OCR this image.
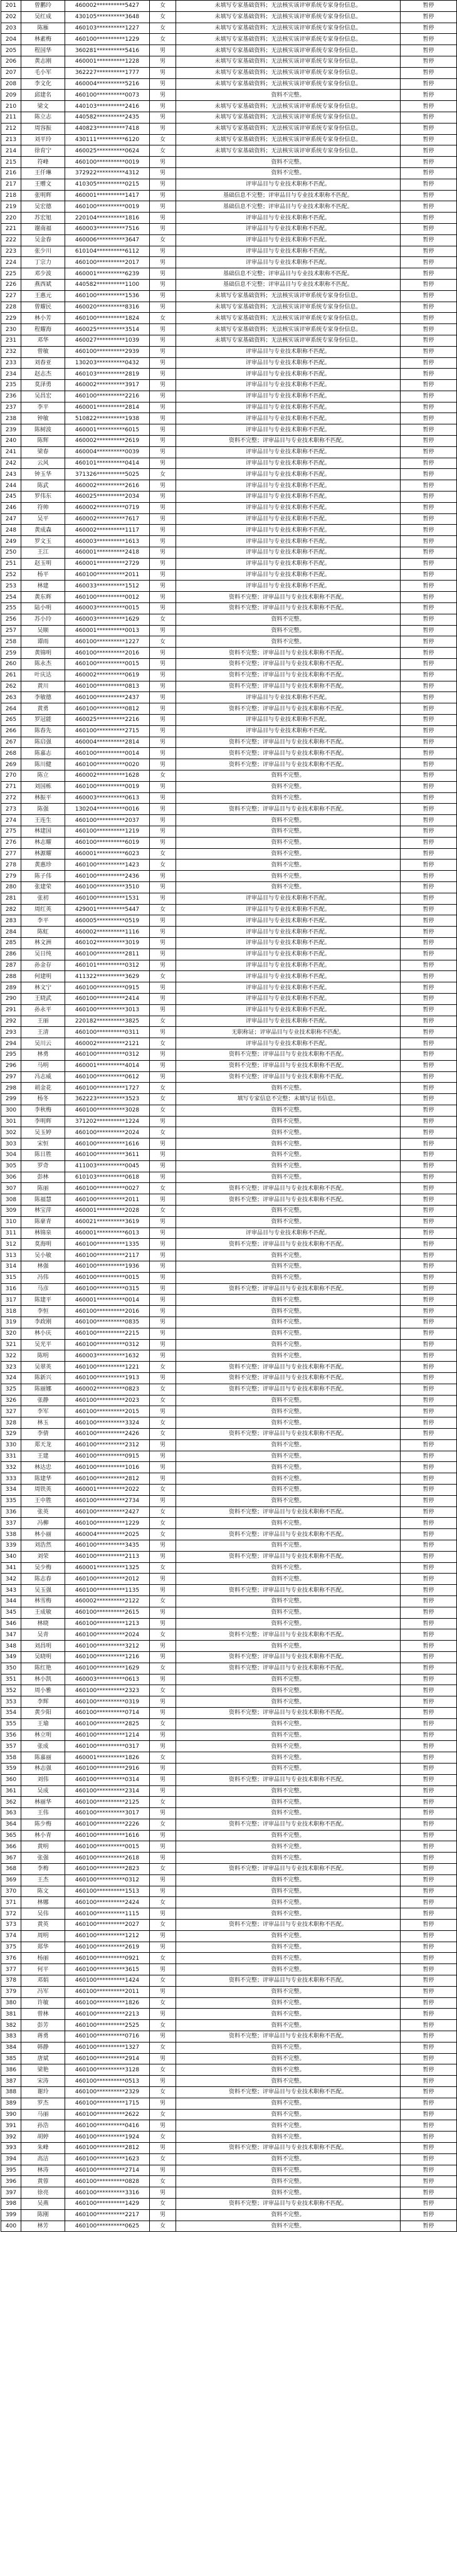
201	曾鹏玲	460002**********5427	女	未填写专家基础资料；无法核实该评审系统专家身份信息。	暂停
202	吴红成	430105**********3648	女	未填写专家基础资料；无法核实该评审系统专家身份信息。	暂停
203	陈雁	460103**********1227	女	未填写专家基础资料；无法核实该评审系统专家身份信息。	暂停
204	林素梅	460100**********1229	女	未填写专家基础资料；无法核实该评审系统专家身份信息。	暂停
205	程国华	360281**********5416	男	未填写专家基础资料；无法核实该评审系统专家身份信息。	暂停
206	黄志刚	460001**********1228	男	未填写专家基础资料；无法核实该评审系统专家身份信息。	暂停
207	毛小军	362227**********1777	男	未填写专家基础资料；无法核实该评审系统专家身份信息。	暂停
208	李文化	460004**********5216	男	未填写专家基础资料；无法核实该评审系统专家身份信息。	暂停
209	邱建名	460100**********0073	男	资料不完整。	暂停
210	梁文	440103**********2416	男	未填写专家基础资料；无法核实该评审系统专家身份信息。	暂停
211	陈立志	440582**********2435	男	未填写专家基础资料；无法核实该评审系统专家身份信息。	暂停
212	周容振	440823**********7418	男	未填写专家基础资料；无法核实该评审系统专家身份信息。	暂停
213	刘平玲	430111**********6120	女	未填写专家基础资料；无法核实该评审系统专家身份信息。	暂停
214	徐育宁	460025**********0624	女	未填写专家基础资料；无法核实该评审系统专家身份信息。	暂停
215	符峰	460100**********0019	男	资料不完整。	暂停
216	王仟琳	372922**********4312	男	资料不完整。	暂停
217	王赠文	410305**********0215	男	评审品目与专业技术职称不匹配。	暂停
218	张明辉	460001**********1417	男	基础信息不完整；评审品目与专业技术职称不匹配。	暂停
219	吴宏德	460100**********0019	男	基础信息不完整；评审品目与专业技术职称不匹配。	暂停
220	苏宏旭	220104**********1816	男	评审品目与专业技术职称不匹配。	暂停
221	谢南福	460003**********7516	男	评审品目与专业技术职称不匹配。	暂停
222	吴金春	460006**********3647	女	评审品目与专业技术职称不匹配。	暂停
223	张少川	610104**********6112	男	评审品目与专业技术职称不匹配。	暂停
224	丁宗力	460100**********2017	男	评审品目与专业技术职称不匹配。	暂停
225	邓少波	460001**********6239	男	基础信息不完整；评审品目与专业技术职称不匹配。	暂停
226	燕西斌	440582**********1100	男	基础信息不完整；评审品目与专业技术职称不匹配。	暂停
227	王惠元	460100**********1536	男	未填写专家基础资料；无法核实该评审系统专家身份信息。	暂停
228	曾耀民	460020**********8316	男	未填写专家基础资料；无法核实该评审系统专家身份信息。	暂停
229	林小芳	460100**********1824	女	未填写专家基础资料；无法核实该评审系统专家身份信息。	暂停
230	程耀海	460025**********3514	男	未填写专家基础资料；无法核实该评审系统专家身份信息。	暂停
231	邓华	460027**********1039	男	未填写专家基础资料；无法核实该评审系统专家身份信息。	暂停
232	曾敏	460100**********2939	男	评审品目与专业技术职称不匹配。	暂停
233	刘春亚	130203**********0432	男	评审品目与专业技术职称不匹配。	暂停
234	赵志杰	460103**********2819	男	评审品目与专业技术职称不匹配。	暂停
235	莫泽勇	460002**********3917	男	评审品目与专业技术职称不匹配。	暂停
236	吴昌宏	460100**********2216	男	评审品目与专业技术职称不匹配。	暂停
237	李平	460001**********2814	男	评审品目与专业技术职称不匹配。	暂停
238	钟敏	510822**********1938	男	评审品目与专业技术职称不匹配。	暂停
239	陈树波	460001**********6015	男	评审品目与专业技术职称不匹配。	暂停
240	陈辉	460002**********2619	男	资料不完整；评审品目与专业技术职称不匹配。	暂停
241	梁春	460004**********0039	男	评审品目与专业技术职称不匹配。	暂停
242	云风	460101**********0414	男	评审品目与专业技术职称不匹配。	暂停
243	钟玉华	371326**********5025	女	评审品目与专业技术职称不匹配。	暂停
244	陈武	460002**********2616	男	评审品目与专业技术职称不匹配。	暂停
245	罗伟东	460025**********2034	男	评审品目与专业技术职称不匹配。	暂停
246	符帅	460002**********0719	男	评审品目与专业技术职称不匹配。	暂停
247	吴平	460002**********7617	男	评审品目与专业技术职称不匹配。	暂停
248	黄成森	460002**********1117	男	评审品目与专业技术职称不匹配。	暂停
249	罗文玉	460003**********1613	男	评审品目与专业技术职称不匹配。	暂停
250	王江	460001**********2418	男	评审品目与专业技术职称不匹配。	暂停
251	赵玉明	460001**********2729	男	评审品目与专业技术职称不匹配。	暂停
252	杨平	460100**********2011	男	评审品目与专业技术职称不匹配。	暂停
253	林建	460033**********1512	男	评审品目与专业技术职称不匹配。	暂停
254	黄东辉	460100**********0012	男	资料不完整；评审品目与专业技术职称不匹配。	暂停
255	陆小明	460003**********0015	男	资料不完整；评审品目与专业技术职称不匹配。	暂停
256	苏小玲	460003**********1629	女	资料不完整。	暂停
257	吴顺	460001**********0013	男	资料不完整。	暂停
258	谭雨	460100**********1227	女	资料不完整。	暂停
259	黄锦明	460100**********2016	男	资料不完整；评审品目与专业技术职称不匹配。	暂停
260	陈永杰	460100**********0015	男	资料不完整；评审品目与专业技术职称不匹配。	暂停
261	叶庆达	460002**********0619	男	资料不完整；评审品目与专业技术职称不匹配。	暂停
262	黄川	460100**********0813	男	资料不完整；评审品目与专业技术职称不匹配。	暂停
263	李敏德	460100**********2437	男	评审品目与专业技术职称不匹配。	暂停
264	黄勇	460100**********0812	男	资料不完整；评审品目与专业技术职称不匹配。	暂停
265	罗冠能	460025**********2216	男	评审品目与专业技术职称不匹配。	暂停
266	陈春先	460100**********2715	男	评审品目与专业技术职称不匹配。	暂停
267	陈启强	460004**********2814	男	资料不完整；评审品目与专业技术职称不匹配。	暂停
268	陈嘉志	460100**********0014	男	资料不完整；评审品目与专业技术职称不匹配。	暂停
269	陈川健	460100**********0020	男	资料不完整；评审品目与专业技术职称不匹配。	暂停
270	陈立	460002**********1628	女	资料不完整。	暂停
271	刘国栋	460100**********0019	男	资料不完整。	暂停
272	林振平	460003**********0613	男	资料不完整。	暂停
273	陈强	130204**********0016	男	资料不完整；评审品目与专业技术职称不匹配。	暂停
274	王连生	460100**********2037	男	资料不完整。	暂停
275	林建国	460100**********1219	男	资料不完整。	暂停
276	林志耀	460100**********6019	男	资料不完整。	暂停
277	林源耀	460001**********6023	女	资料不完整。	暂停
278	黄惠珍	460100**********1423	女	资料不完整。	暂停
279	陈子伟	460100**********2436	男	资料不完整。	暂停
280	张建荣	460100**********3510	男	资料不完整。	暂停
281	张初	460100**********1531	男	评审品目与专业技术职称不匹配。	暂停
282	周红英	429001**********5447	女	评审品目与专业技术职称不匹配。	暂停
283	李平	460005**********0519	男	评审品目与专业技术职称不匹配。	暂停
284	陈虹	460002**********1116	男	评审品目与专业技术职称不匹配。	暂停
285	林文洲	460102**********3019	男	评审品目与专业技术职称不匹配。	暂停
286	吴日纯	460100**********2811	男	评审品目与专业技术职称不匹配。	暂停
287	孙金存	460101**********0312	男	评审品目与专业技术职称不匹配。	暂停
288	何建明	411322**********3629	女	评审品目与专业技术职称不匹配。	暂停
289	林文宁	460100**********0915	男	评审品目与专业技术职称不匹配。	暂停
290	王晓武	460100**********2414	男	评审品目与专业技术职称不匹配。	暂停
291	孙永平	460100**********3013	男	评审品目与专业技术职称不匹配。	暂停
292	王丽	220182**********3825	女	评审品目与专业技术职称不匹配。	暂停
293	王清	460100**********0311	男	无职称证；评审品目与专业技术职称不匹配。	暂停
294	吴川云	460002**********2121	女	评审品目与专业技术职称不匹配。	暂停
295	林勇	460100**********0312	男	资料不完整；评审品目与专业技术职称不匹配。	暂停
296	马明	460001**********4014	男	资料不完整；评审品目与专业技术职称不匹配。	暂停
297	冯志威	460100**********0612	男	资料不完整；评审品目与专业技术职称不匹配。	暂停
298	胡金花	460100**********1727	女	资料不完整。	暂停
299	杨冬	362223**********3523	女	填写专家信息不完整；未填写证书信息。	暂停
300	李秋梅	460100**********3028	女	资料不完整。	暂停
301	李明辉	371202**********1224	男	资料不完整。	暂停
302	吴玉婷	460100**********2024	女	资料不完整。	暂停
303	宋恒	460100**********1616	男	资料不完整。	暂停
304	陈日胜	460100**********3611	男	资料不完整。	暂停
305	罗奇	411003**********0045	男	资料不完整。	暂停
306	彭林	610103**********0618	男	资料不完整。	暂停
307	陈丽	460100**********0027	女	资料不完整；评审品目与专业技术职称不匹配。	暂停
308	陈福慧	460100**********2011	男	资料不完整；评审品目与专业技术职称不匹配。	暂停
309	林宝萍	460001**********2028	女	资料不完整。	暂停
310	陈豪青	460021**********3619	男	资料不完整。	暂停
311	林锦泉	460001**********6013	男	评审品目与专业技术职称不匹配。	暂停
312	莫海明	460100**********1335	男	资料不完整；评审品目与专业技术职称不匹配。	暂停
313	吴小敏	460100**********2117	男	资料不完整。	暂停
314	林强	460100**********1936	男	资料不完整。	暂停
315	冯伟	460100**********0015	男	资料不完整。	暂停
316	马彦	460100**********0315	男	资料不完整；评审品目与专业技术职称不匹配。	暂停
317	陈建平	460001**********0014	男	资料不完整。	暂停
318	李恒	460100**********2016	男	资料不完整。	暂停
319	李政刚	460100**********0835	男	资料不完整。	暂停
320	林小庆	460100**********2215	男	资料不完整。	暂停
321	吴光平	460100**********0312	男	资料不完整。	暂停
322	陈明	460003**********1632	男	资料不完整。	暂停
323	吴翠英	460100**********1221	女	资料不完整；评审品目与专业技术职称不匹配。	暂停
324	陈新兴	460100**********1913	男	资料不完整；评审品目与专业技术职称不匹配。	暂停
325	陈丽娜	460002**********0823	女	资料不完整；评审品目与专业技术职称不匹配。	暂停
326	张静	460100**********2023	女	资料不完整。	暂停
327	李军	460100**********2015	男	资料不完整。	暂停
328	林玉	460100**********3324	女	资料不完整。	暂停
329	李倩	460100**********2426	女	资料不完整；评审品目与专业技术职称不匹配。	暂停
330	郑天龙	460100**********2312	男	资料不完整。	暂停
331	王建	460100**********0915	男	资料不完整。	暂停
332	林达忠	460100**********1016	男	资料不完整。	暂停
333	陈建华	460100**********2812	男	资料不完整。	暂停
334	周铁英	460001**********2022	女	资料不完整。	暂停
335	王中胜	460100**********2734	男	资料不完整。	暂停
336	张英	460100**********2427	女	资料不完整；评审品目与专业技术职称不匹配。	暂停
337	冯柳	460100**********1229	女	资料不完整。	暂停
338	林小丽	460004**********2025	女	资料不完整；评审品目与专业技术职称不匹配。	暂停
339	刘浩然	460100**********3435	男	资料不完整。	暂停
340	刘荣	460100**********2113	男	资料不完整；评审品目与专业技术职称不匹配。	暂停
341	吴少梅	460001**********1325	女	资料不完整。	暂停
342	陈志春	460100**********2012	男	资料不完整。	暂停
343	吴玉强	460100**********1135	男	资料不完整；评审品目与专业技术职称不匹配。	暂停
344	林雪梅	460002**********2122	女	资料不完整。	暂停
345	王成敏	460100**********2615	男	资料不完整。	暂停
346	林晓	460100**********1213	男	资料不完整。	暂停
347	吴青	460100**********2024	女	资料不完整；评审品目与专业技术职称不匹配。	暂停
348	刘昌明	460100**********3212	男	资料不完整。	暂停
349	吴晓明	460100**********1216	男	资料不完整；评审品目与专业技术职称不匹配。	暂停
350	陈红艳	460100**********1629	女	资料不完整；评审品目与专业技术职称不匹配。	暂停
351	林小凯	460003**********0613	男	资料不完整。	暂停
352	周小雅	460100**********2323	女	资料不完整。	暂停
353	李辉	460100**********0319	男	资料不完整。	暂停
354	黄少阳	460100**********0714	男	资料不完整；评审品目与专业技术职称不匹配。	暂停
355	王瑜	460100**********2825	女	资料不完整。	暂停
356	林立明	460100**********1214	男	资料不完整。	暂停
357	张成	460100**********0317	男	资料不完整。	暂停
358	陈嘉丽	460001**********1826	女	资料不完整。	暂停
359	林志强	460100**********2916	男	资料不完整。	暂停
360	刘伟	460100**********0314	男	资料不完整；评审品目与专业技术职称不匹配。	暂停
361	吴成	460100**********2314	男	资料不完整。	暂停
362	林丽华	460100**********2125	女	资料不完整。	暂停
363	王伟	460100**********3017	男	资料不完整。	暂停
364	陈少梅	460100**********2226	女	资料不完整；评审品目与专业技术职称不匹配。	暂停
365	林小青	460100**********1616	男	资料不完整。	暂停
366	黄明	460100**********0015	男	资料不完整。	暂停
367	张强	460100**********2618	男	资料不完整。	暂停
368	李梅	460100**********2823	女	资料不完整；评审品目与专业技术职称不匹配。	暂停
369	王杰	460100**********0312	男	资料不完整。	暂停
370	陈文	460100**********1513	男	资料不完整。	暂停
371	林娜	460100**********2424	女	资料不完整。	暂停
372	吴伟	460100**********1115	男	资料不完整。	暂停
373	黄英	460100**********2027	女	资料不完整；评审品目与专业技术职称不匹配。	暂停
374	周明	460100**********1212	男	资料不完整。	暂停
375	郑华	460100**********2619	男	资料不完整。	暂停
376	杨丽	460100**********0921	女	资料不完整。	暂停
377	何平	460100**********3615	男	资料不完整。	暂停
378	邓娟	460100**********1424	女	资料不完整；评审品目与专业技术职称不匹配。	暂停
379	冯军	460100**********2011	男	资料不完整。	暂停
380	许敏	460100**********1826	女	资料不完整。	暂停
381	曾林	460100**********2213	男	资料不完整。	暂停
382	彭芳	460100**********2525	女	资料不完整。	暂停
383	蒋勇	460100**********0716	男	资料不完整；评审品目与专业技术职称不匹配。	暂停
384	韩静	460100**********1327	女	资料不完整。	暂停
385	唐斌	460100**********2914	男	资料不完整。	暂停
386	梁艳	460100**********3128	女	资料不完整。	暂停
387	宋涛	460100**********0513	男	资料不完整。	暂停
388	谢玲	460100**********2329	女	资料不完整；评审品目与专业技术职称不匹配。	暂停
389	罗杰	460100**********1715	男	资料不完整。	暂停
390	马丽	460100**********2622	女	资料不完整。	暂停
391	孙浩	460100**********0416	男	资料不完整。	暂停
392	胡婷	460100**********1924	女	资料不完整。	暂停
393	朱峰	460100**********2812	男	资料不完整；评审品目与专业技术职称不匹配。	暂停
394	高洁	460100**********1623	女	资料不完整。	暂停
395	林涛	460100**********2714	男	资料不完整。	暂停
396	黄蓉	460100**********0828	女	资料不完整。	暂停
397	徐亮	460100**********3316	男	资料不完整。	暂停
398	吴燕	460100**********1429	女	资料不完整；评审品目与专业技术职称不匹配。	暂停
399	陈刚	460100**********2217	男	资料不完整。	暂停
400	林芳	460100**********0625	女	资料不完整。	暂停
